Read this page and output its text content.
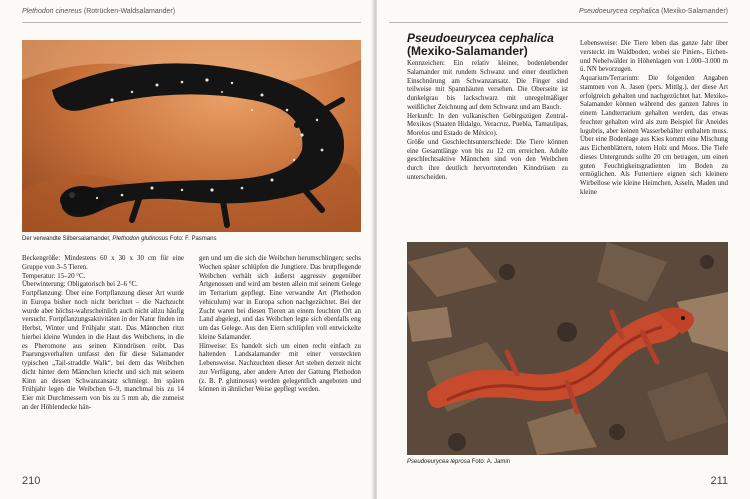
Plethodon cinereus (Rotrücken-Waldsalamander)
Der verwandte Silbersalamander, Plethodon glutinosus Foto: F. Pasmans

Beckengröße: Mindestens 60 x 30 x 30 cm für eine Gruppe von 3–5 Tieren.

Temperatur: 15–20 °C.

Überwinterung: Obligatorisch bei 2–6 °C.

Fortpflanzung: Über eine Fortpflanzung dieser Art wurde in Europa bisher noch nicht berichtet – die Nachzucht wurde aber höchst-wahrscheinlich auch nicht allzu häufig versucht. Fortpflanzungsaktivitäten in der Natur finden im Herbst, Winter und Frühjahr statt. Das Männchen ritzt hierbei kleine Wunden in die Haut des Weibchens, in die es Pheromone aus seinen Kinndrüsen reibt. Das Paarungsverhalten umfasst den für diese Salamander typischen „Tail-straddle Walk“, bei dem das Weibchen dicht hinter dem Männchen kriecht und sich mit seinem Kinn an dessen Schwanzansatz schmiegt. Im späten Frühjahr legen die Weibchen 6–9, manchmal bis zu 14 Eier mit Durchmessern von bis zu 5 mm ab, die zumeist an der Höhlendecke hän-

gen und um die sich die Weibchen herumschlingen; sechs Wochen später schlüpfen die Jungtiere. Das brutpflegende Weibchen verhält sich äußerst aggressiv gegenüber Artgenossen und wird am besten allein mit seinem Gelege im Terrarium gepflegt. Eine verwandte Art (Plethodon vehiculum) war in Europa schon nachgezüchtet. Bei der Zucht waren bei diesen Tieren an einem feuchten Ort an Land abgelegt, und das Weibchen legte sich ebenfalls eng um das Gelege. Aus den Eiern schlüpfen voll entwickelte kleine Salamander.

Hinweise: Es handelt sich um einen recht einfach zu haltenden Landsalamander mit einer versteckten Lebensweise. Nachzuchten dieser Art stehen derzeit nicht zur Verfügung, aber andere Arten der Gattung Plethodon (z. B. P. glutinosus) werden gelegentlich angeboten und können in ähnlicher Weise gepflegt werden.

210
Pseudoeurycea cephalica (Mexiko-Salamander)
Pseudoeurycea cephalica
(Mexiko-Salamander)

Kennzeichen: Ein relativ kleiner, bodenlebender Salamander mit rundem Schwanz und einer deutlichen Einschnürung am Schwanzansatz. Die Finger sind teilweise mit Spannhäuten versehen. Die Oberseite ist dunkelgrau bis lackschwarz mit unregelmäßiger weißlicher Zeichnung auf dem Schwanz und am Bauch.

Herkunft: In den vulkanischen Gebirgszügen Zentral-Mexikos (Staaten Hidalgo, Veracruz, Puebla, Tamaulipas, Morelos und Estado de México).

Größe und Geschlechtsunterschiede: Die Tiere können eine Gesamtlänge von bis zu 12 cm erreichen. Adulte geschlechtsaktive Männchen sind von den Weibchen durch ihre deutlich hervortretenden Kinndrüsen zu unterscheiden.

Lebensweise: Die Tiere leben das ganze Jahr über versteckt im Waldboden, wobei sie Pinien-, Eichen- und Nebelwälder in Höhenlagen von 1.000–3.000 m ü. NN bevorzugen.

Aquarium/Terrarium: Die folgenden Angaben stammen von A. Jasen (pers. Mittlg.), der diese Art erfolgreich gehalten und nachgezüchtet hat. Mexiko-Salamander können während des ganzen Jahres in einem Landterrarium gehalten werden, das etwas feuchter gehalten wird als zum Beispiel für Aneides lugubris, aber keinen Wasserbehälter enthalten muss. Über eine Bodenlage aus Kies kommt eine Mischung aus Eichenblättern, totem Holz und Moos. Die Tiefe dieses Untergrunds sollte 20 cm betragen, um einen guten Feuchtigkeitsgradienten im Boden zu ermöglichen. Als Futtertiere eignen sich kleinere Wirbellose wie kleine Heimchen, Asseln, Maden und kleine

Pseudoeurycea leprosa Foto: A. Jamin
211
